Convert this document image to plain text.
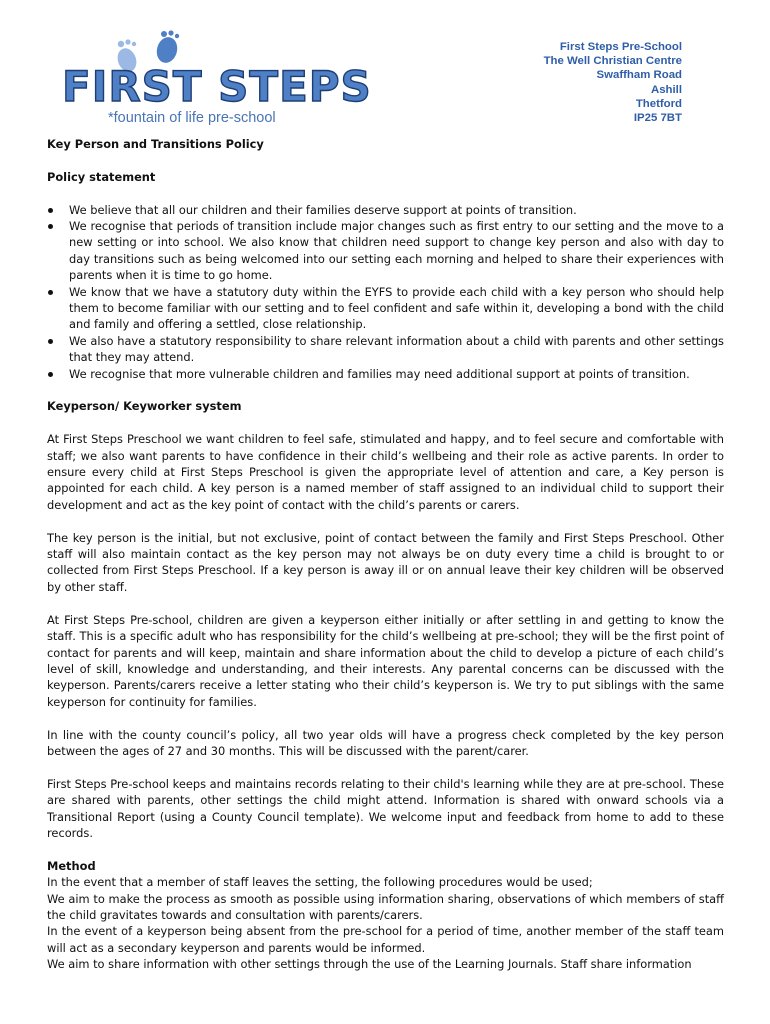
FIRST STEPS
*fountain of life pre-school
First Steps Pre-School
The Well Christian Centre
Swaffham Road
Ashill
Thetford
IP25 7BT

Key Person and Transitions Policy

Policy statement

We believe that all our children and their families deserve support at points of transition.
We recognise that periods of transition include major changes such as first entry to our setting and the move to a new setting or into school. We also know that children need support to change key person and also with day to day transitions such as being welcomed into our setting each morning and helped to share their experiences with parents when it is time to go home.
We know that we have a statutory duty within the EYFS to provide each child with a key person who should help them to become familiar with our setting and to feel confident and safe within it, developing a bond with the child and family and offering a settled, close relationship.
We also have a statutory responsibility to share relevant information about a child with parents and other settings that they may attend.
We recognise that more vulnerable children and families may need additional support at points of transition.

Keyperson/ Keyworker system

At First Steps Preschool we want children to feel safe, stimulated and happy, and to feel secure and comfortable with staff; we also want parents to have confidence in their child’s wellbeing and their role as active parents. In order to ensure every child at First Steps Preschool is given the appropriate level of attention and care, a Key person is appointed for each child. A key person is a named member of staff assigned to an individual child to support their development and act as the key point of contact with the child’s parents or carers.

The key person is the initial, but not exclusive, point of contact between the family and First Steps Preschool. Other staff will also maintain contact as the key person may not always be on duty every time a child is brought to or collected from First Steps Preschool. If a key person is away ill or on annual leave their key children will be observed by other staff.

At First Steps Pre-school, children are given a keyperson either initially or after settling in and getting to know the staff. This is a specific adult who has responsibility for the child’s wellbeing at pre-school; they will be the first point of contact for parents and will keep, maintain and share information about the child to develop a picture of each child’s level of skill, knowledge and understanding, and their interests. Any parental concerns can be discussed with the keyperson. Parents/carers receive a letter stating who their child’s keyperson is. We try to put siblings with the same keyperson for continuity for families.

In line with the county council’s policy, all two year olds will have a progress check completed by the key person between the ages of 27 and 30 months. This will be discussed with the parent/carer.

First Steps Pre-school keeps and maintains records relating to their child's learning while they are at pre-school. These are shared with parents, other settings the child might attend. Information is shared with onward schools via a Transitional Report (using a County Council template). We welcome input and feedback from home to add to these records.

Method

In the event that a member of staff leaves the setting, the following procedures would be used;

We aim to make the process as smooth as possible using information sharing, observations of which members of staff the child gravitates towards and consultation with parents/carers.

In the event of a keyperson being absent from the pre-school for a period of time, another member of the staff team will act as a secondary keyperson and parents would be informed.

We aim to share information with other settings through the use of the Learning Journals. Staff share information
